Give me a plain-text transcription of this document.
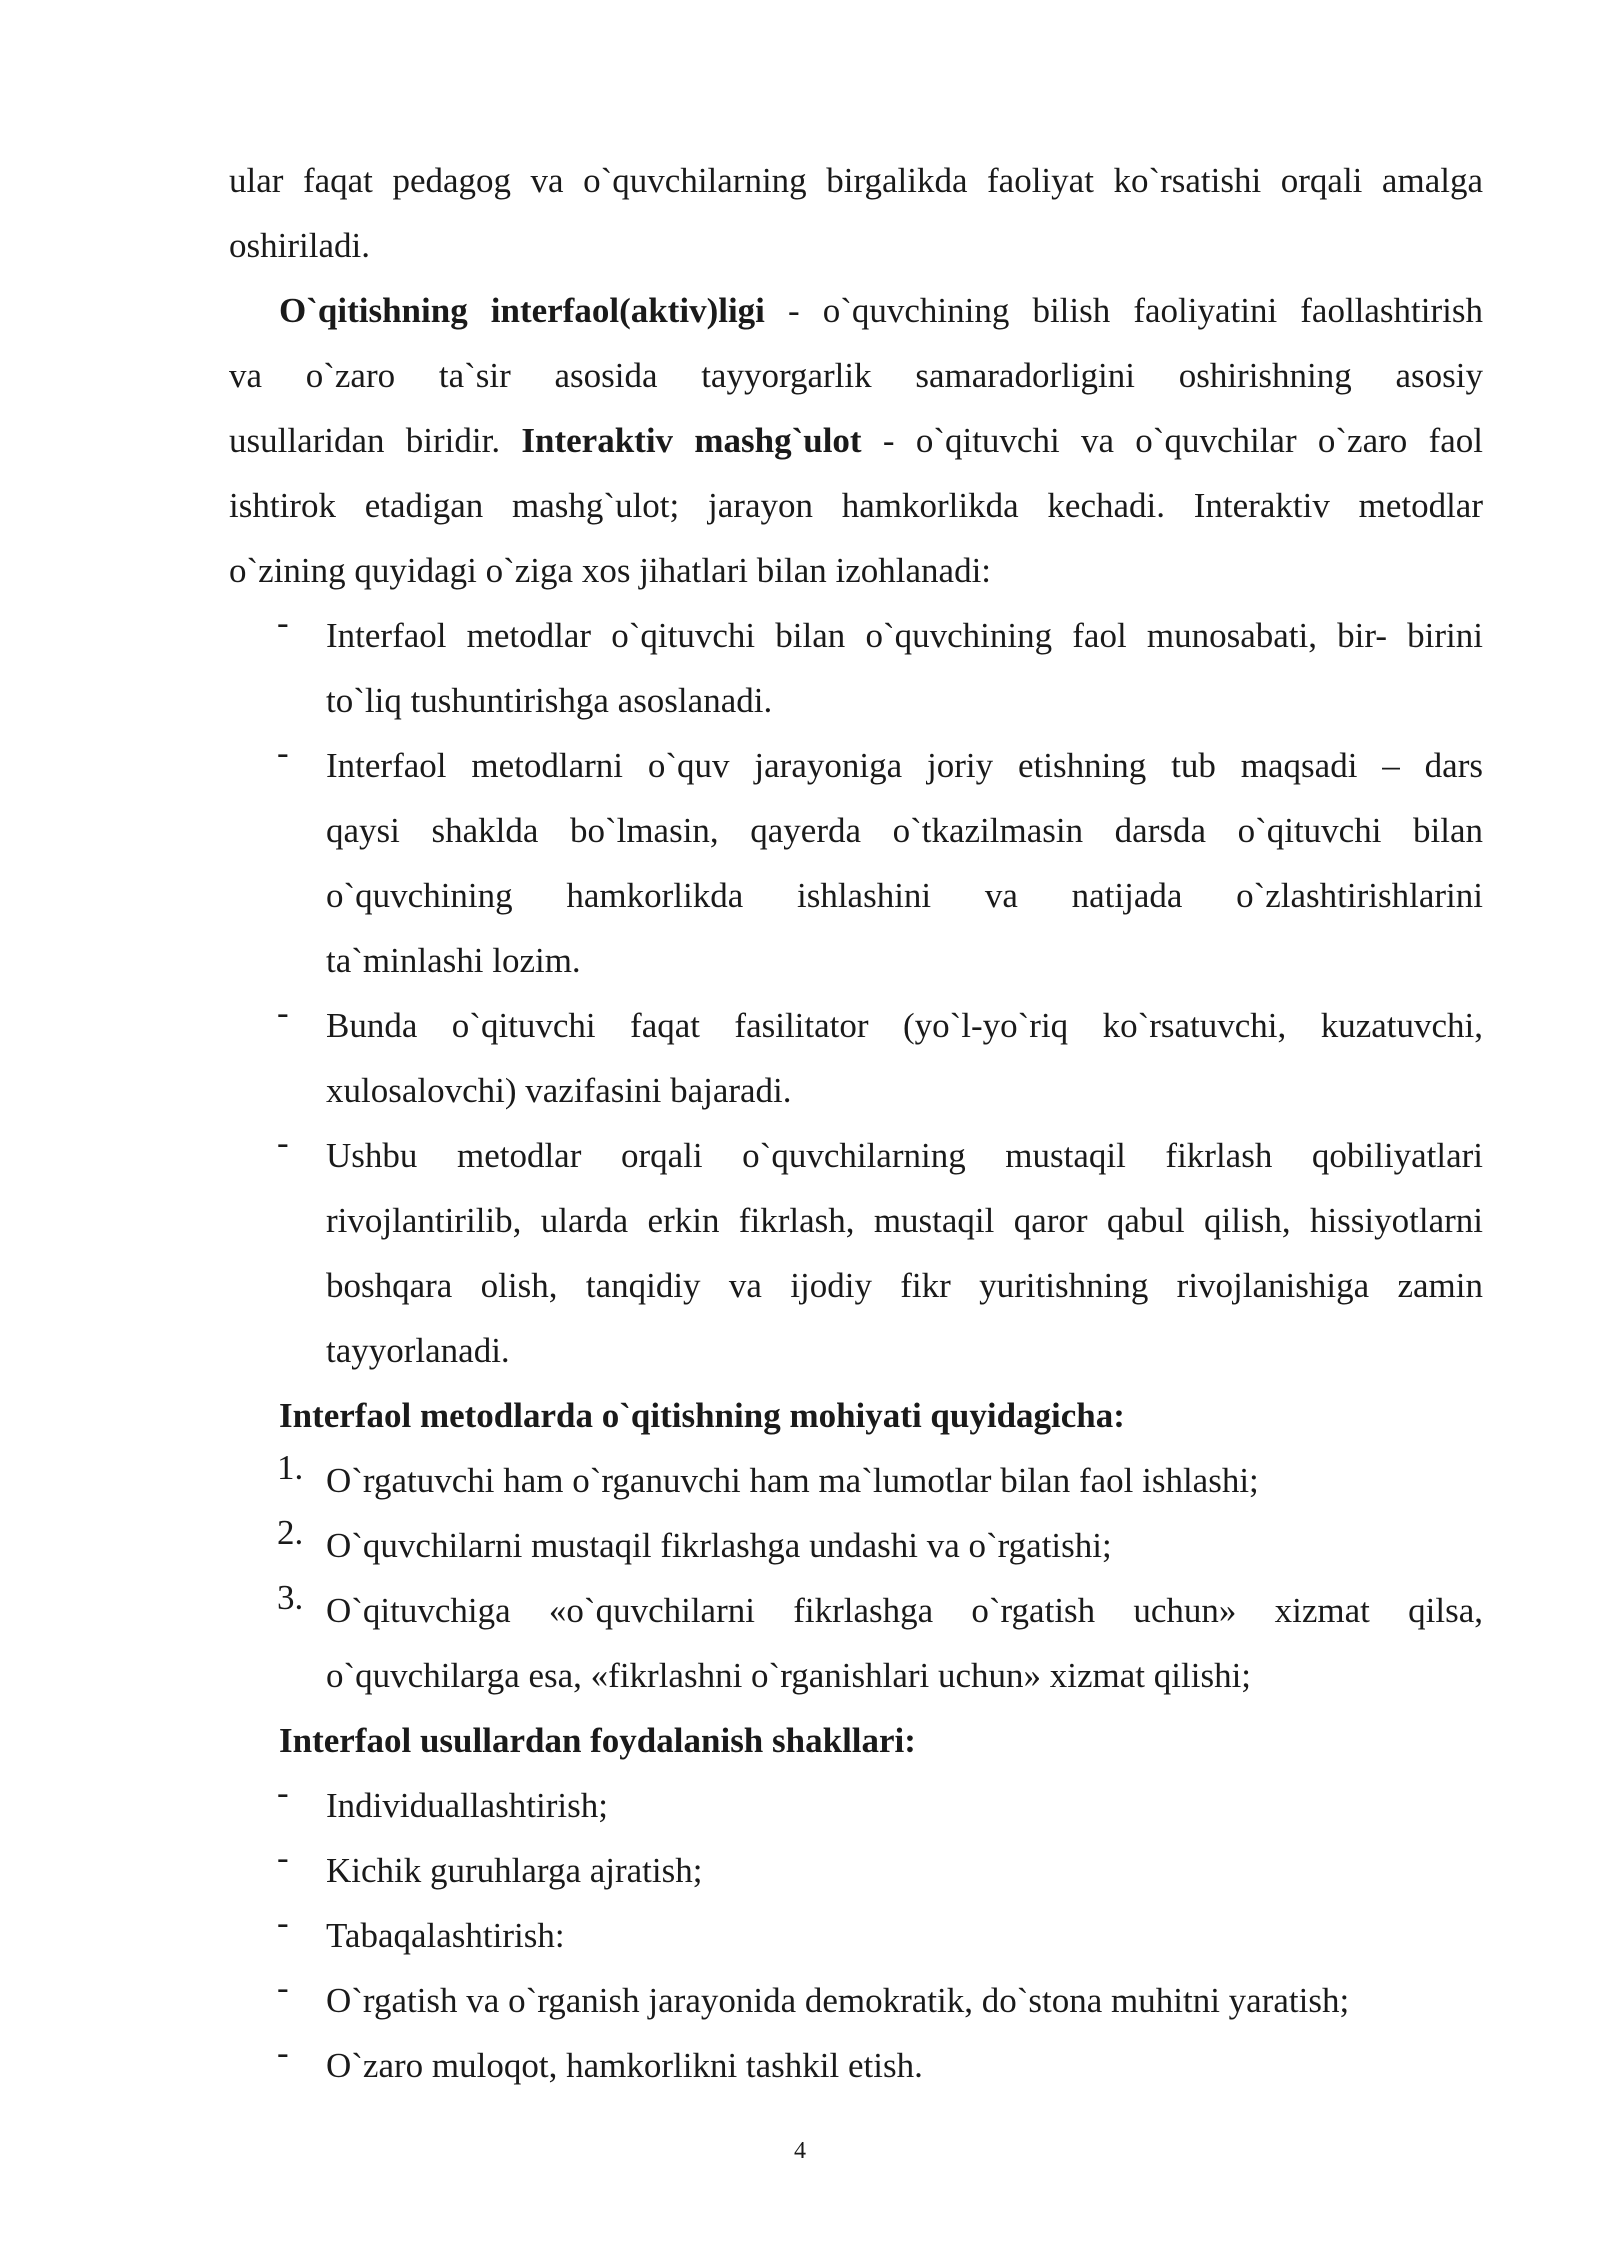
ular faqat pedagog va o`quvchilarning birgalikda faoliyat ko`rsatishi orqali amalga
oshiriladi.
O`qitishning interfaol(aktiv)ligi - o`quvchining bilish faoliyatini faollashtirish
va o`zaro ta`sir asosida tayyorgarlik samaradorligini oshirishning asosiy
usullaridan biridir. Interaktiv mashg`ulot - o`qituvchi va o`quvchilar o`zaro faol
ishtirok etadigan mashg`ulot; jarayon hamkorlikda kechadi. Interaktiv metodlar
o`zining quyidagi o`ziga xos jihatlari bilan izohlanadi:
- Interfaol metodlar o`qituvchi bilan o`quvchining faol munosabati, bir- birini
to`liq tushuntirishga asoslanadi.
- Interfaol metodlarni o`quv jarayoniga joriy etishning tub maqsadi – dars
qaysi shaklda bo`lmasin, qayerda o`tkazilmasin darsda o`qituvchi bilan
o`quvchining hamkorlikda ishlashini va natijada o`zlashtirishlarini
ta`minlashi lozim.
- Bunda o`qituvchi faqat fasilitator (yo`l-yo`riq ko`rsatuvchi, kuzatuvchi,
xulosalovchi) vazifasini bajaradi.
- Ushbu metodlar orqali o`quvchilarning mustaqil fikrlash qobiliyatlari
rivojlantirilib, ularda erkin fikrlash, mustaqil qaror qabul qilish, hissiyotlarni
boshqara olish, tanqidiy va ijodiy fikr yuritishning rivojlanishiga zamin
tayyorlanadi.
Interfaol metodlarda o`qitishning mohiyati quyidagicha:
1. O`rgatuvchi ham o`rganuvchi ham ma`lumotlar bilan faol ishlashi;
2. O`quvchilarni mustaqil fikrlashga undashi va o`rgatishi;
3. O`qituvchiga «o`quvchilarni fikrlashga o`rgatish uchun» xizmat qilsa,
o`quvchilarga esa, «fikrlashni o`rganishlari uchun» xizmat qilishi;
Interfaol usullardan foydalanish shakllari:
- Individuallashtirish;
- Kichik guruhlarga ajratish;
- Tabaqalashtirish:
- O`rgatish va o`rganish jarayonida demokratik, do`stona muhitni yaratish;
- O`zaro muloqot, hamkorlikni tashkil etish.
4
